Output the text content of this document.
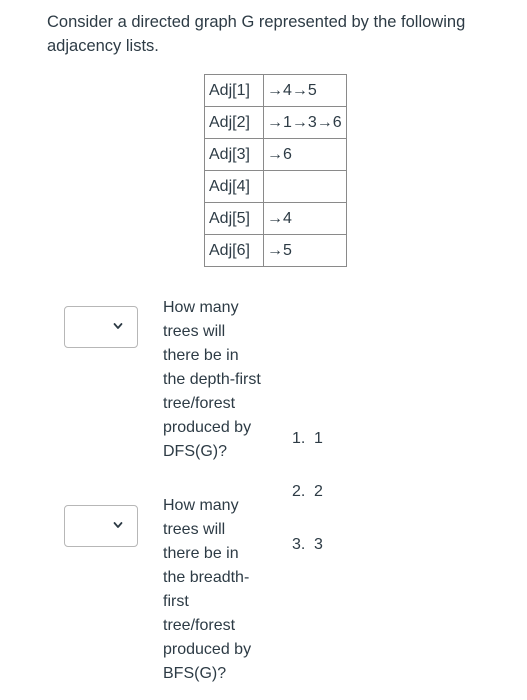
Consider a directed graph G represented by the following adjacency lists.
Adj[1]	→4→5
Adj[2]	→1→3→6
Adj[3]	→6
Adj[4]	
Adj[5]	→4
Adj[6]	→5
How many trees will there be in the depth-first tree/forest produced by DFS(G)?
How many trees will there be in the breadth-first tree/forest produced by BFS(G)?
1. 1
2. 2
3. 3
